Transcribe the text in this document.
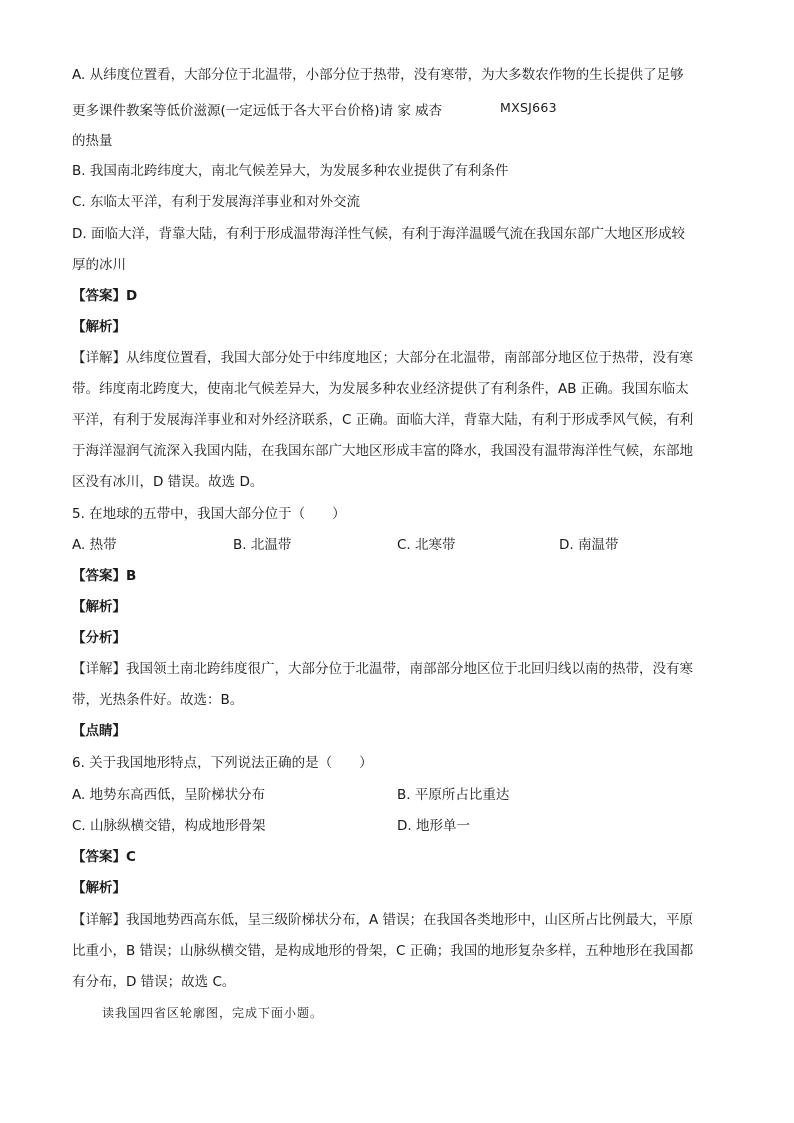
A. 从纬度位置看，大部分位于北温带，小部分位于热带，没有寒带，为大多数农作物的生长提供了足够
更多课件教案等低价滋源(一定远低于各大平台价格)请 家 威杏	MXSJ663
的热量
B. 我国南北跨纬度大，南北气候差异大，为发展多种农业提供了有利条件
C. 东临太平洋，有利于发展海洋事业和对外交流
D. 面临大洋，背靠大陆，有利于形成温带海洋性气候，有利于海洋温暖气流在我国东部广大地区形成较
厚的冰川
【答案】D
【解析】
【详解】从纬度位置看，我国大部分处于中纬度地区；大部分在北温带，南部部分地区位于热带，没有寒
带。纬度南北跨度大，使南北气候差异大，为发展多种农业经济提供了有利条件，AB 正确。我国东临太
平洋，有利于发展海洋事业和对外经济联系，C 正确。面临大洋，背靠大陆，有利于形成季风气候，有利
于海洋湿润气流深入我国内陆，在我国东部广大地区形成丰富的降水，我国没有温带海洋性气候，东部地
区没有冰川，D 错误。故选 D。
5. 在地球的五带中，我国大部分位于（　　）
A. 热带	B. 北温带	C. 北寒带	D. 南温带
【答案】B
【解析】
【分析】
【详解】我国领土南北跨纬度很广，大部分位于北温带，南部部分地区位于北回归线以南的热带，没有寒
带，光热条件好。故选：B。
【点睛】
6. 关于我国地形特点，下列说法正确的是（　　）
A. 地势东高西低，呈阶梯状分布	B. 平原所占比重达
C. 山脉纵横交错，构成地形骨架	D. 地形单一
【答案】C
【解析】
【详解】我国地势西高东低，呈三级阶梯状分布，A 错误；在我国各类地形中，山区所占比例最大，平原
比重小，B 错误；山脉纵横交错，是构成地形的骨架，C 正确；我国的地形复杂多样，五种地形在我国都
有分布，D 错误；故选 C。
读我国四省区轮廓图，完成下面小题。
